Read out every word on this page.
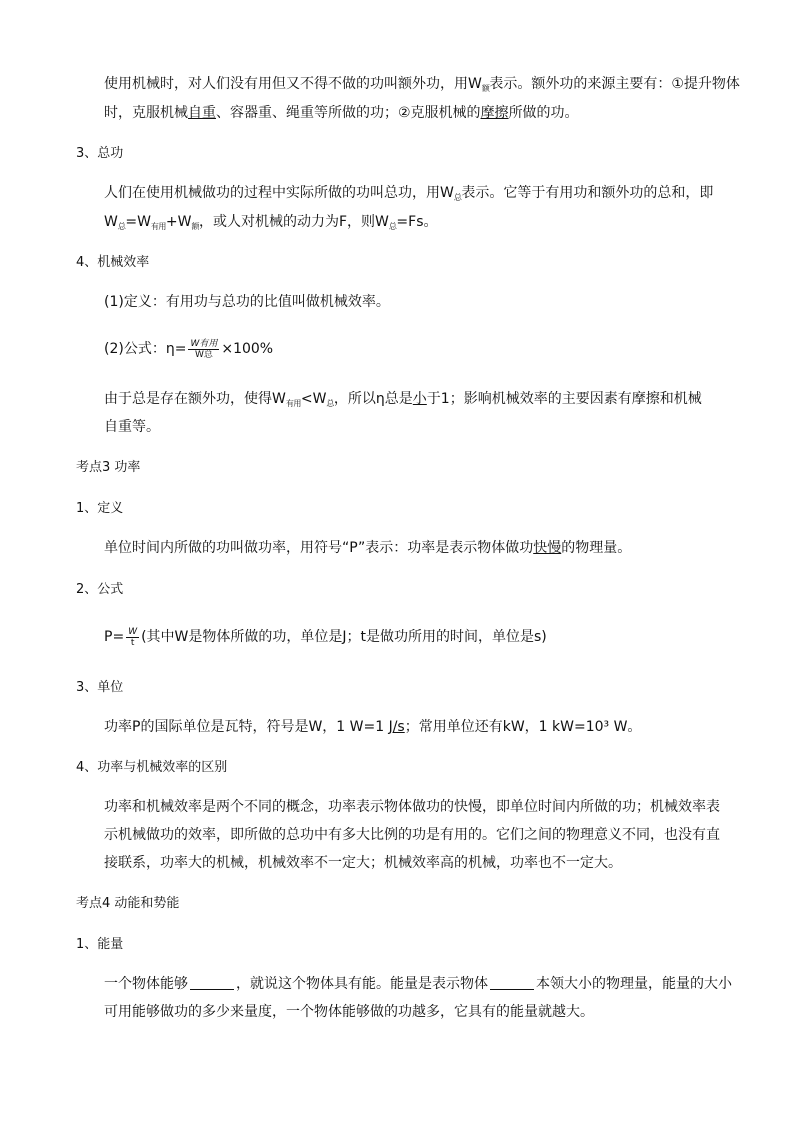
使用机械时，对人们没有用但又不得不做的功叫额外功，用$W_额$表示。额外功的来源主要有：①提升物体
时，克服机械自重、容器重、绳重等所做的功；②克服机械的摩擦所做的功。
3、总功
人们在使用机械做功的过程中实际所做的功叫总功，用$W_总$表示。它等于有用功和额外功的总和，即
$W_总=W_{有用}+W_额$，或人对机械的动力为F，则$W_总=Fs$。
4、机械效率
(1)定义：有用功与总功的比值叫做机械效率。
(2)公式：$\eta= \frac{\text{W有用}}{\text{W总}} \times 100\%$
由于总是存在额外功，使得$W_{有用}<W_总$，所以η总是小于1；影响机械效率的主要因素有摩擦和机械
自重等。
考点3 功率
1、定义
单位时间内所做的功叫做功率，用符号“P”表示：功率是表示物体做功快慢的物理量。
2、公式
$P= \frac{W}{t}$ (其中W是物体所做的功，单位是J；t是做功所用的时间，单位是s)
3、单位
功率P的国际单位是瓦特，符号是W，1 W=1 J/s；常用单位还有kW，1 kW=10³ W。
4、功率与机械效率的区别
功率和机械效率是两个不同的概念，功率表示物体做功的快慢，即单位时间内所做的功；机械效率表
示机械做功的效率，即所做的总功中有多大比例的功是有用的。它们之间的物理意义不同，也没有直
接联系，功率大的机械，机械效率不一定大；机械效率高的机械，功率也不一定大。
考点4 动能和势能
1、能量
一个物体能够	，就说这个物体具有能。能量是表示物体	本领大小的物理量，能量的大小
可用能够做功的多少来量度，一个物体能够做的功越多，它具有的能量就越大。
